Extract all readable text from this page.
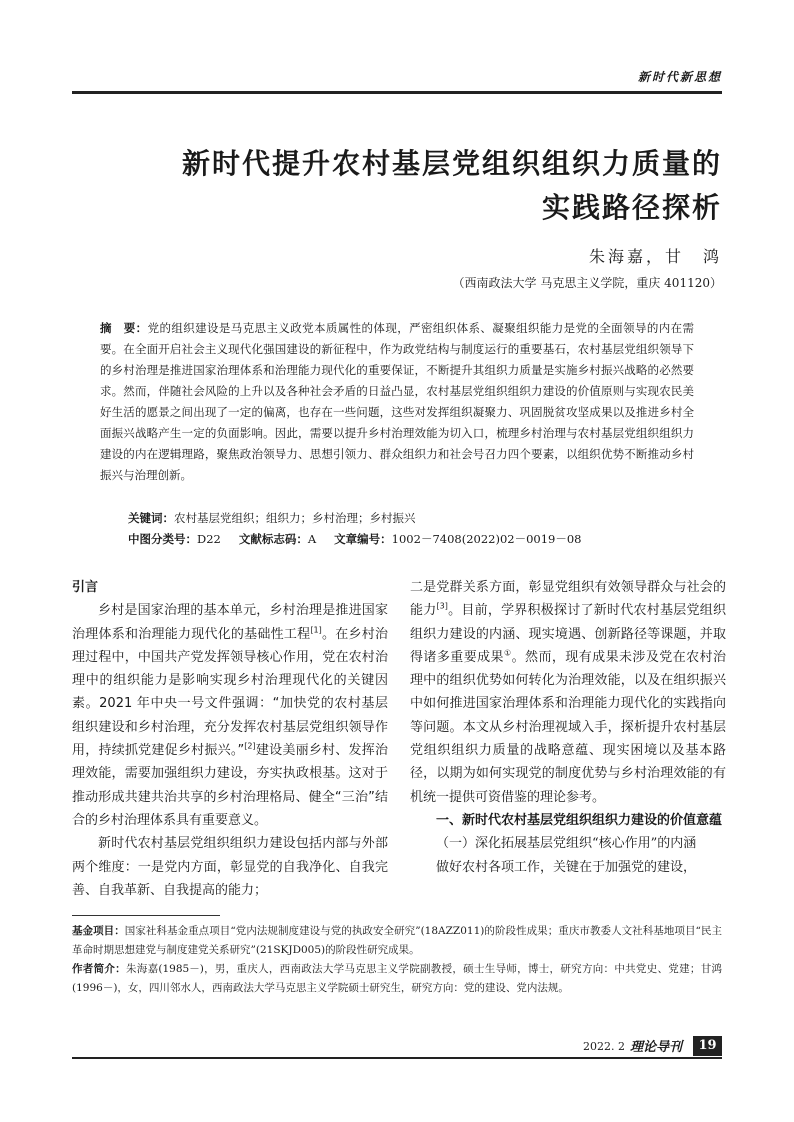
新时代新思想
新时代提升农村基层党组织组织力质量的
实践路径探析
朱海嘉，甘　鸿
（西南政法大学 马克思主义学院，重庆 401120）
摘　要：党的组织建设是马克思主义政党本质属性的体现，严密组织体系、凝聚组织能力是党的全面领导的内在需要。在全面开启社会主义现代化强国建设的新征程中，作为政党结构与制度运行的重要基石，农村基层党组织领导下的乡村治理是推进国家治理体系和治理能力现代化的重要保证，不断提升其组织力质量是实施乡村振兴战略的必然要求。然而，伴随社会风险的上升以及各种社会矛盾的日益凸显，农村基层党组织组织力建设的价值原则与实现农民美好生活的愿景之间出现了一定的偏离，也存在一些问题，这些对发挥组织凝聚力、巩固脱贫攻坚成果以及推进乡村全面振兴战略产生一定的负面影响。因此，需要以提升乡村治理效能为切入口，梳理乡村治理与农村基层党组织组织力建设的内在逻辑理路，聚焦政治领导力、思想引领力、群众组织力和社会号召力四个要素，以组织优势不断推动乡村振兴与治理创新。
关键词：农村基层党组织；组织力；乡村治理；乡村振兴
中图分类号：D22 文献标志码：A 文章编号：1002－7408(2022)02－0019－08
引言

乡村是国家治理的基本单元，乡村治理是推进国家治理体系和治理能力现代化的基础性工程[1]。在乡村治理过程中，中国共产党发挥领导核心作用，党在农村治理中的组织能力是影响实现乡村治理现代化的关键因素。2021 年中央一号文件强调：“加快党的农村基层组织建设和乡村治理，充分发挥农村基层党组织领导作用，持续抓党建促乡村振兴。”[2]建设美丽乡村、发挥治理效能，需要加强组织力建设，夯实执政根基。这对于推动形成共建共治共享的乡村治理格局、健全“三治”结合的乡村治理体系具有重要意义。

新时代农村基层党组织组织力建设包括内部与外部两个维度：一是党内方面，彰显党的自我净化、自我完善、自我革新、自我提高的能力；

二是党群关系方面，彰显党组织有效领导群众与社会的能力[3]。目前，学界积极探讨了新时代农村基层党组织组织力建设的内涵、现实境遇、创新路径等课题，并取得诸多重要成果①。然而，现有成果未涉及党在农村治理中的组织优势如何转化为治理效能，以及在组织振兴中如何推进国家治理体系和治理能力现代化的实践指向等问题。本文从乡村治理视域入手，探析提升农村基层党组织组织力质量的战略意蕴、现实困境以及基本路径，以期为如何实现党的制度优势与乡村治理效能的有机统一提供可资借鉴的理论参考。

一、新时代农村基层党组织组织力建设的价值意蕴

（一）深化拓展基层党组织“核心作用”的内涵

做好农村各项工作，关键在于加强党的建设，

基金项目：国家社科基金重点项目“党内法规制度建设与党的执政安全研究”(18AZZ011)的阶段性成果；重庆市教委人文社科基地项目“民主革命时期思想建党与制度建党关系研究”(21SKJD005)的阶段性研究成果。
作者简介：朱海嘉(1985－)，男，重庆人，西南政法大学马克思主义学院副教授，硕士生导师，博士，研究方向：中共党史、党建；甘鸿(1996－)，女，四川邻水人，西南政法大学马克思主义学院硕士研究生，研究方向：党的建设、党内法规。
2022. 2 理论导刊	19
